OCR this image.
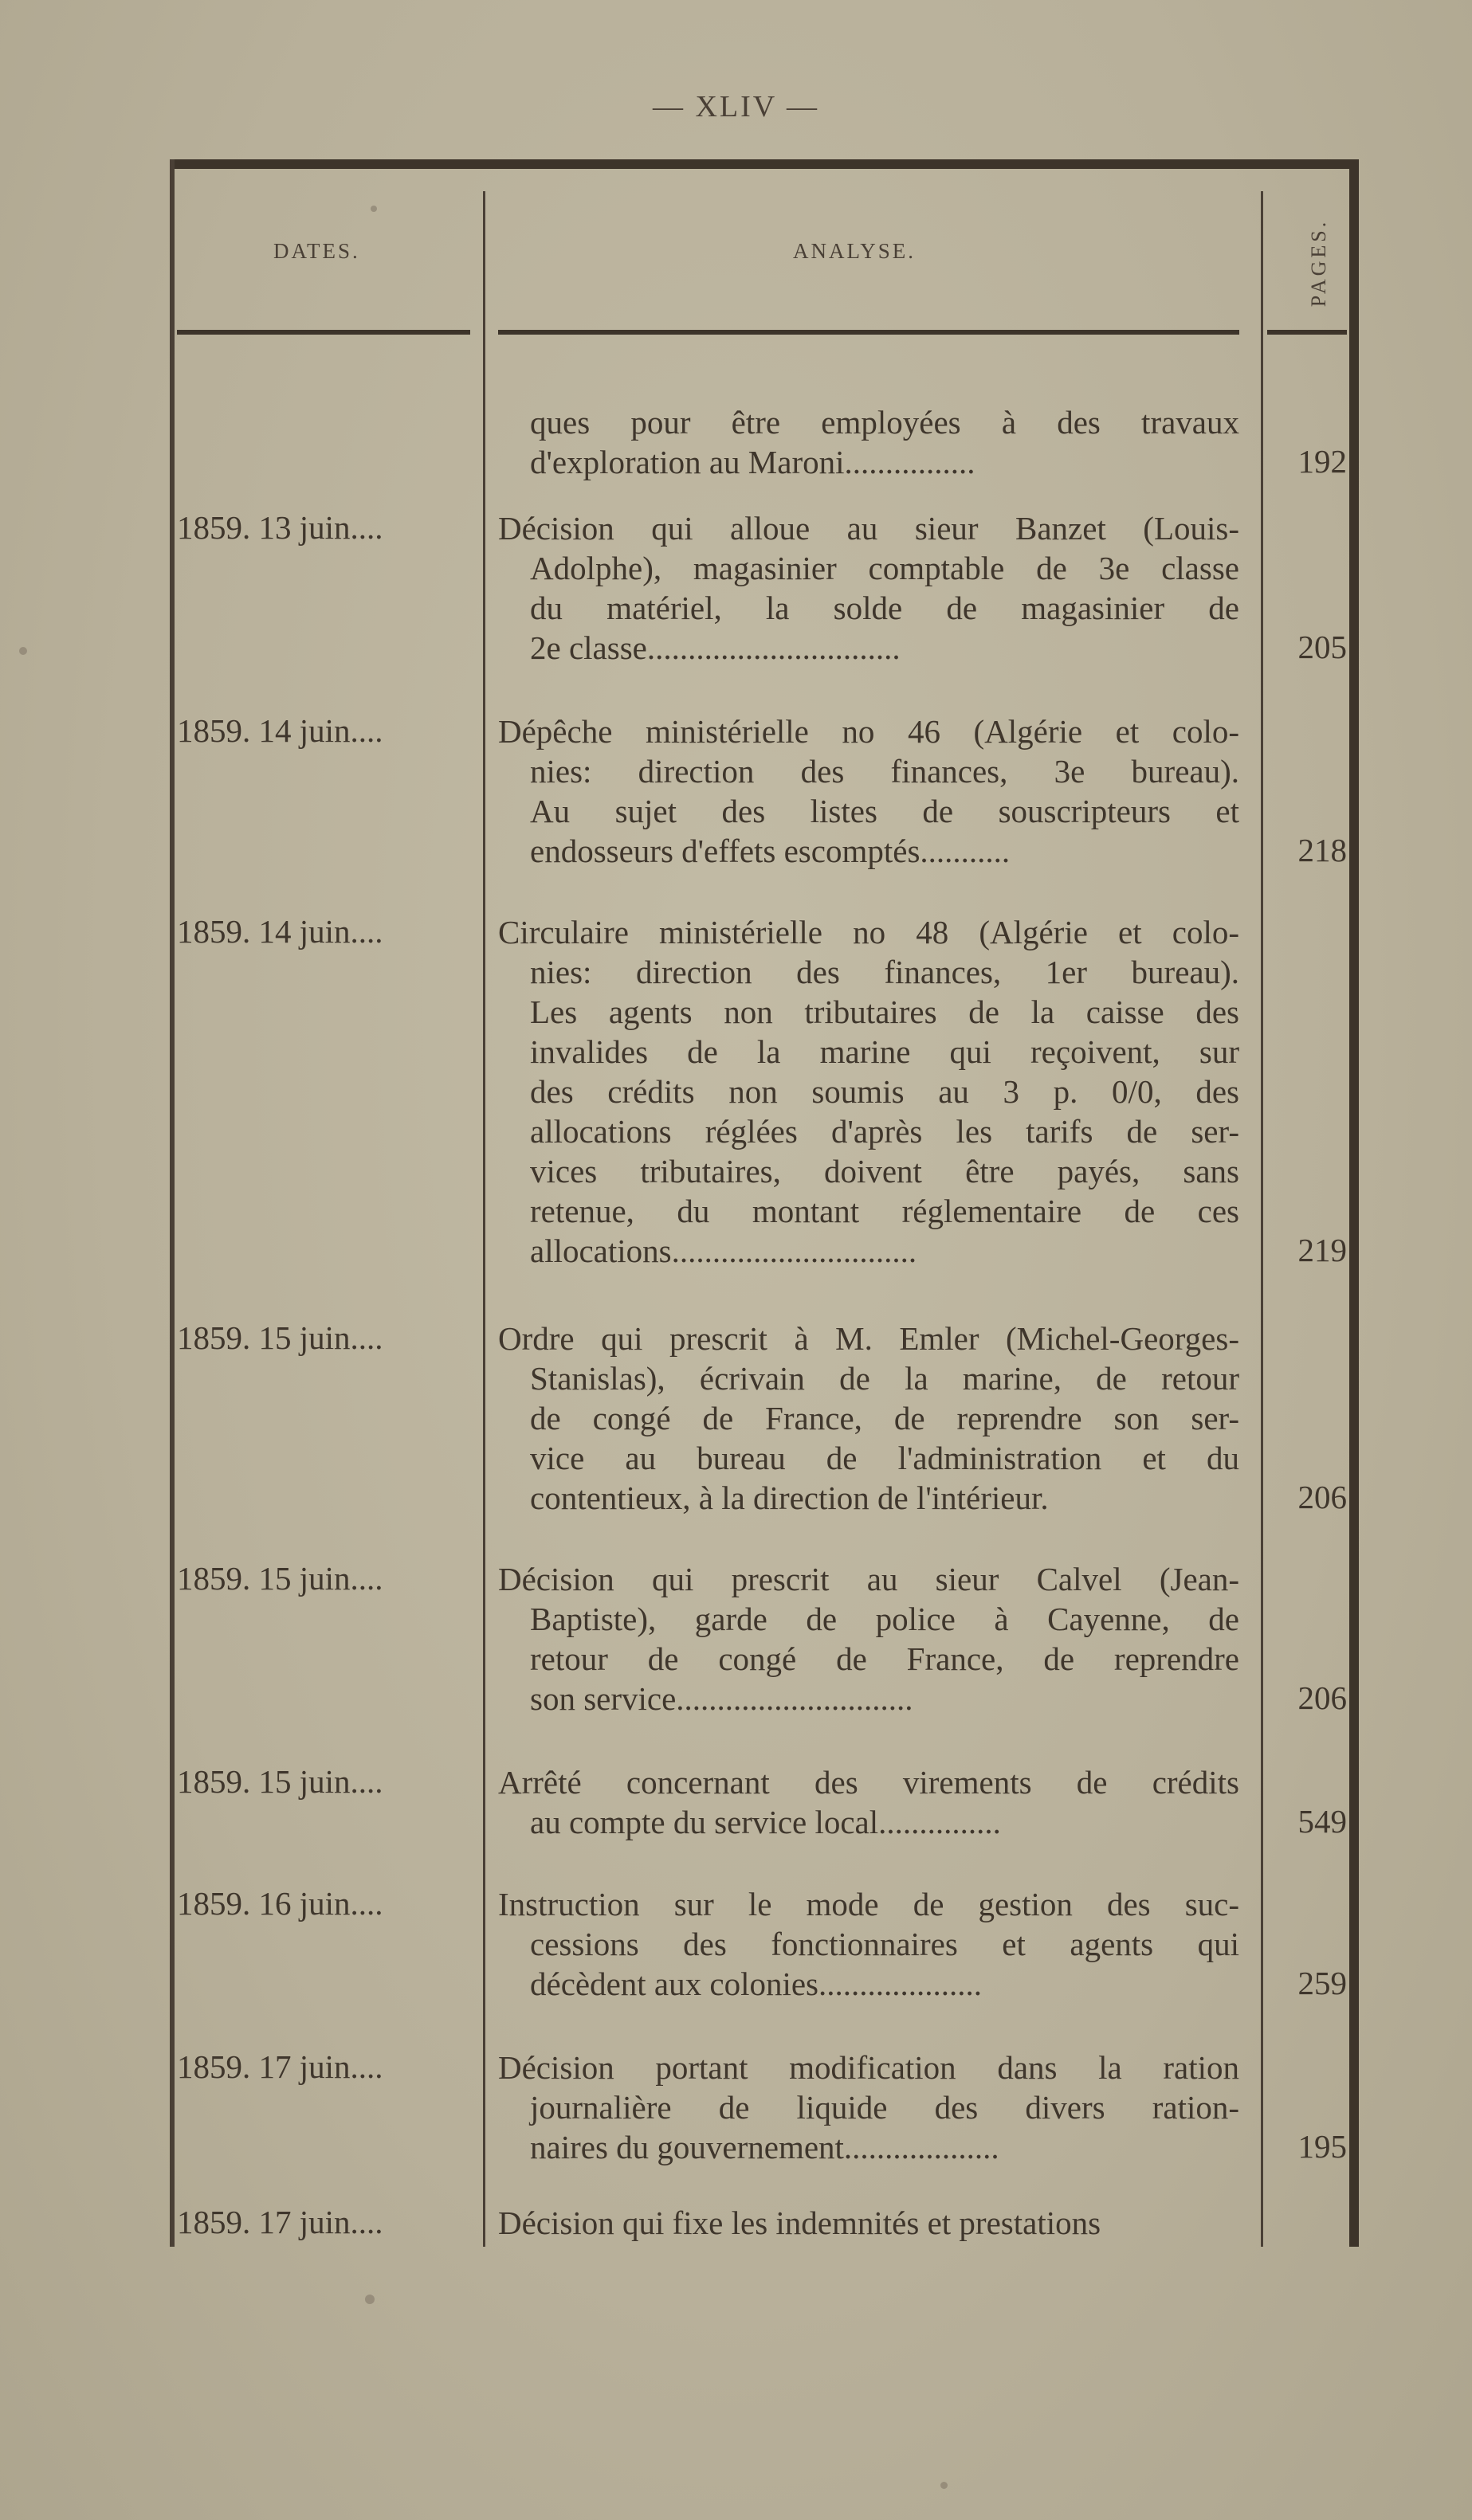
— XLIV —
DATES.	ANALYSE.	PAGES.
ques pour être employées à des travaux
d'exploration au Maroni................	192
1859. 13 juin....	Décision qui alloue au sieur Banzet (Louis-
Adolphe), magasinier comptable de 3e classe
du matériel, la solde de magasinier de
2e classe...............................	205
1859. 14 juin....	Dépêche ministérielle no 46 (Algérie et colo-
nies: direction des finances, 3e bureau).
Au sujet des listes de souscripteurs et
endosseurs d'effets escomptés...........	218
1859. 14 juin....	Circulaire ministérielle no 48 (Algérie et colo-
nies: direction des finances, 1er bureau).
Les agents non tributaires de la caisse des
invalides de la marine qui reçoivent, sur
des crédits non soumis au 3 p. 0/0, des
allocations réglées d'après les tarifs de ser-
vices tributaires, doivent être payés, sans
retenue, du montant réglementaire de ces
allocations..............................	219
1859. 15 juin....	Ordre qui prescrit à M. Emler (Michel-Georges-
Stanislas), écrivain de la marine, de retour
de congé de France, de reprendre son ser-
vice au bureau de l'administration et du
contentieux, à la direction de l'intérieur.	206
1859. 15 juin....	Décision qui prescrit au sieur Calvel (Jean-
Baptiste), garde de police à Cayenne, de
retour de congé de France, de reprendre
son service.............................	206
1859. 15 juin....	Arrêté concernant des virements de crédits
au compte du service local...............	549
1859. 16 juin....	Instruction sur le mode de gestion des suc-
cessions des fonctionnaires et agents qui
décèdent aux colonies....................	259
1859. 17 juin....	Décision portant modification dans la ration
journalière de liquide des divers ration-
naires du gouvernement...................	195
1859. 17 juin....	Décision qui fixe les indemnités et prestations
